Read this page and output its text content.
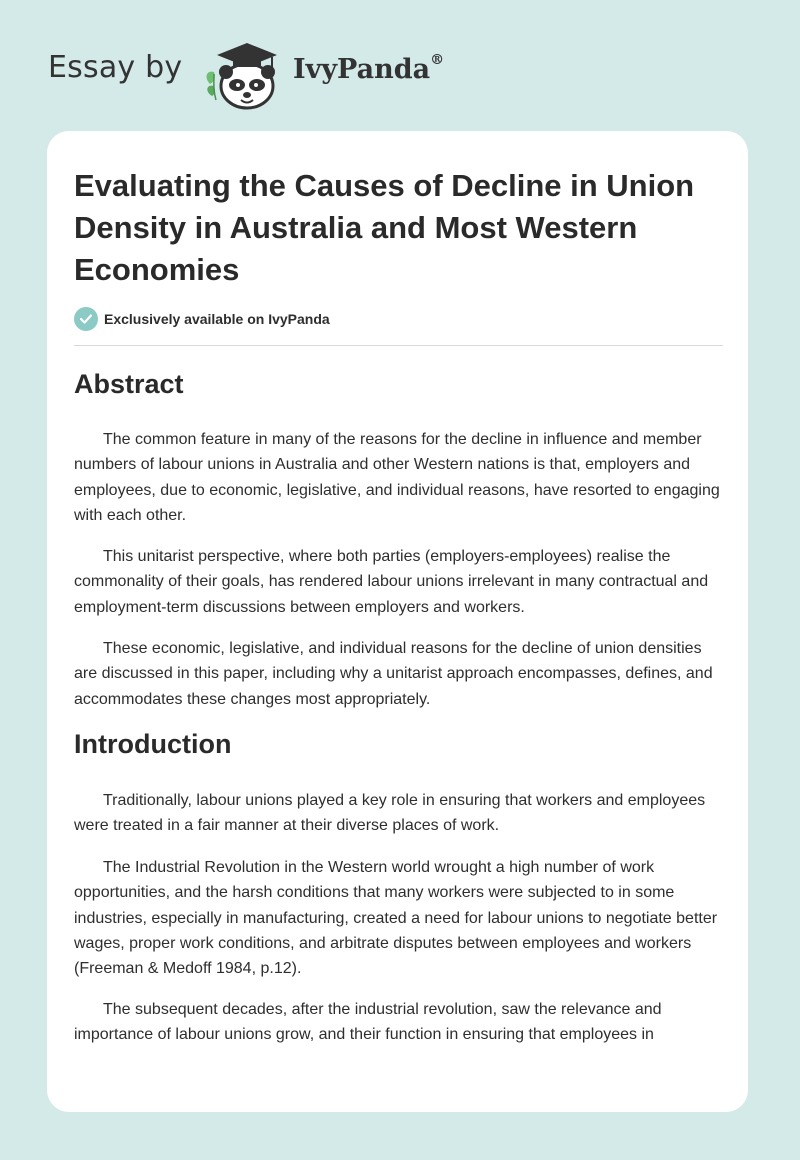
Essay by	IvyPanda®
Evaluating the Causes of Decline in Union Density in Australia and Most Western Economies
Exclusively available on IvyPanda
Abstract

The common feature in many of the reasons for the decline in influence and member numbers of labour unions in Australia and other Western nations is that, employers and employees, due to economic, legislative, and individual reasons, have resorted to engaging with each other.

This unitarist perspective, where both parties (employers-employees) realise the commonality of their goals, has rendered labour unions irrelevant in many contractual and employment-term discussions between employers and workers.

These economic, legislative, and individual reasons for the decline of union densities are discussed in this paper, including why a unitarist approach encompasses, defines, and accommodates these changes most appropriately.

Introduction

Traditionally, labour unions played a key role in ensuring that workers and employees were treated in a fair manner at their diverse places of work.

The Industrial Revolution in the Western world wrought a high number of work opportunities, and the harsh conditions that many workers were subjected to in some industries, especially in manufacturing, created a need for labour unions to negotiate better wages, proper work conditions, and arbitrate disputes between employees and workers (Freeman & Medoff 1984, p.12).

The subsequent decades, after the industrial revolution, saw the relevance and importance of labour unions grow, and their function in ensuring that employees in
